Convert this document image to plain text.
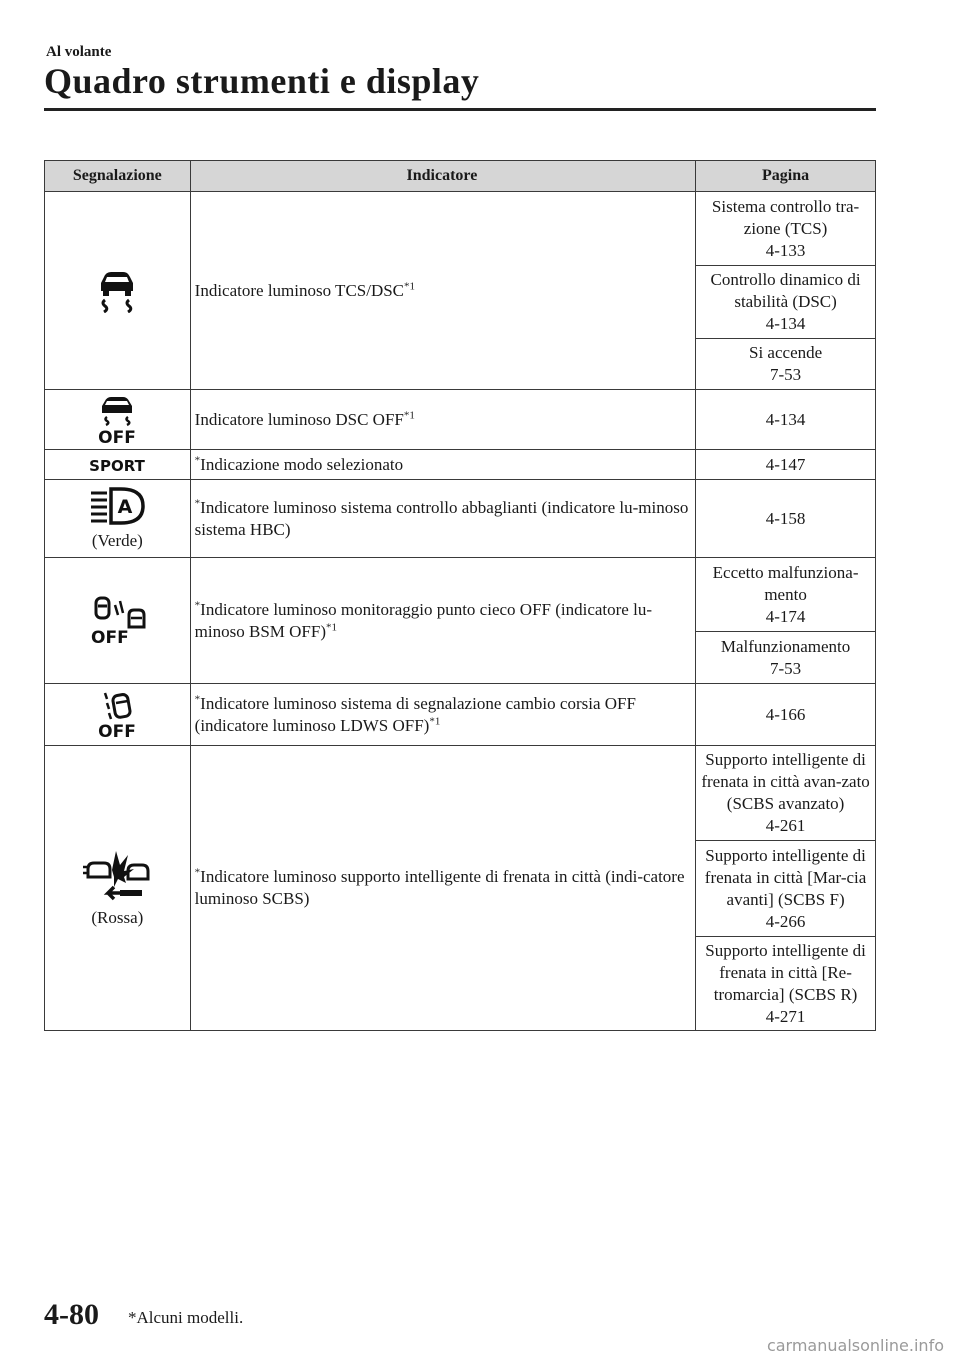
Al volante
Quadro strumenti e display
Segnalazione	Indicatore	Pagina

	Indicatore luminoso TCS/DSC$^{*1}$	Sistema controllo tra-zione (TCS)
4-133

		Controllo dinamico di stabilità (DSC)
4-134

		Si accende
7-53

OFF	Indicatore luminoso DSC OFF$^{*1}$	4-134

SPORT	*Indicazione modo selezionato	4-147

A
(Verde)	*Indicatore luminoso sistema controllo abbaglianti (indicatore lu-minoso sistema HBC)	4-158

OFF	*Indicatore luminoso monitoraggio punto cieco OFF (indicatore lu-minoso BSM OFF)$^{*1}$	Eccetto malfunziona-mento
4-174

		Malfunzionamento
7-53

OFF	*Indicatore luminoso sistema di segnalazione cambio corsia OFF (indicatore luminoso LDWS OFF)$^{*1}$	4-166

(Rossa)	*Indicatore luminoso supporto intelligente di frenata in città (indi-catore luminoso SCBS)	Supporto intelligente di frenata in città avan-zato (SCBS avanzato)
4-261

		Supporto intelligente di frenata in città [Mar-cia avanti] (SCBS F)
4-266

		Supporto intelligente di frenata in città [Re-tromarcia] (SCBS R)
4-271
4-80 *Alcuni modelli.
carmanualsonline.info
